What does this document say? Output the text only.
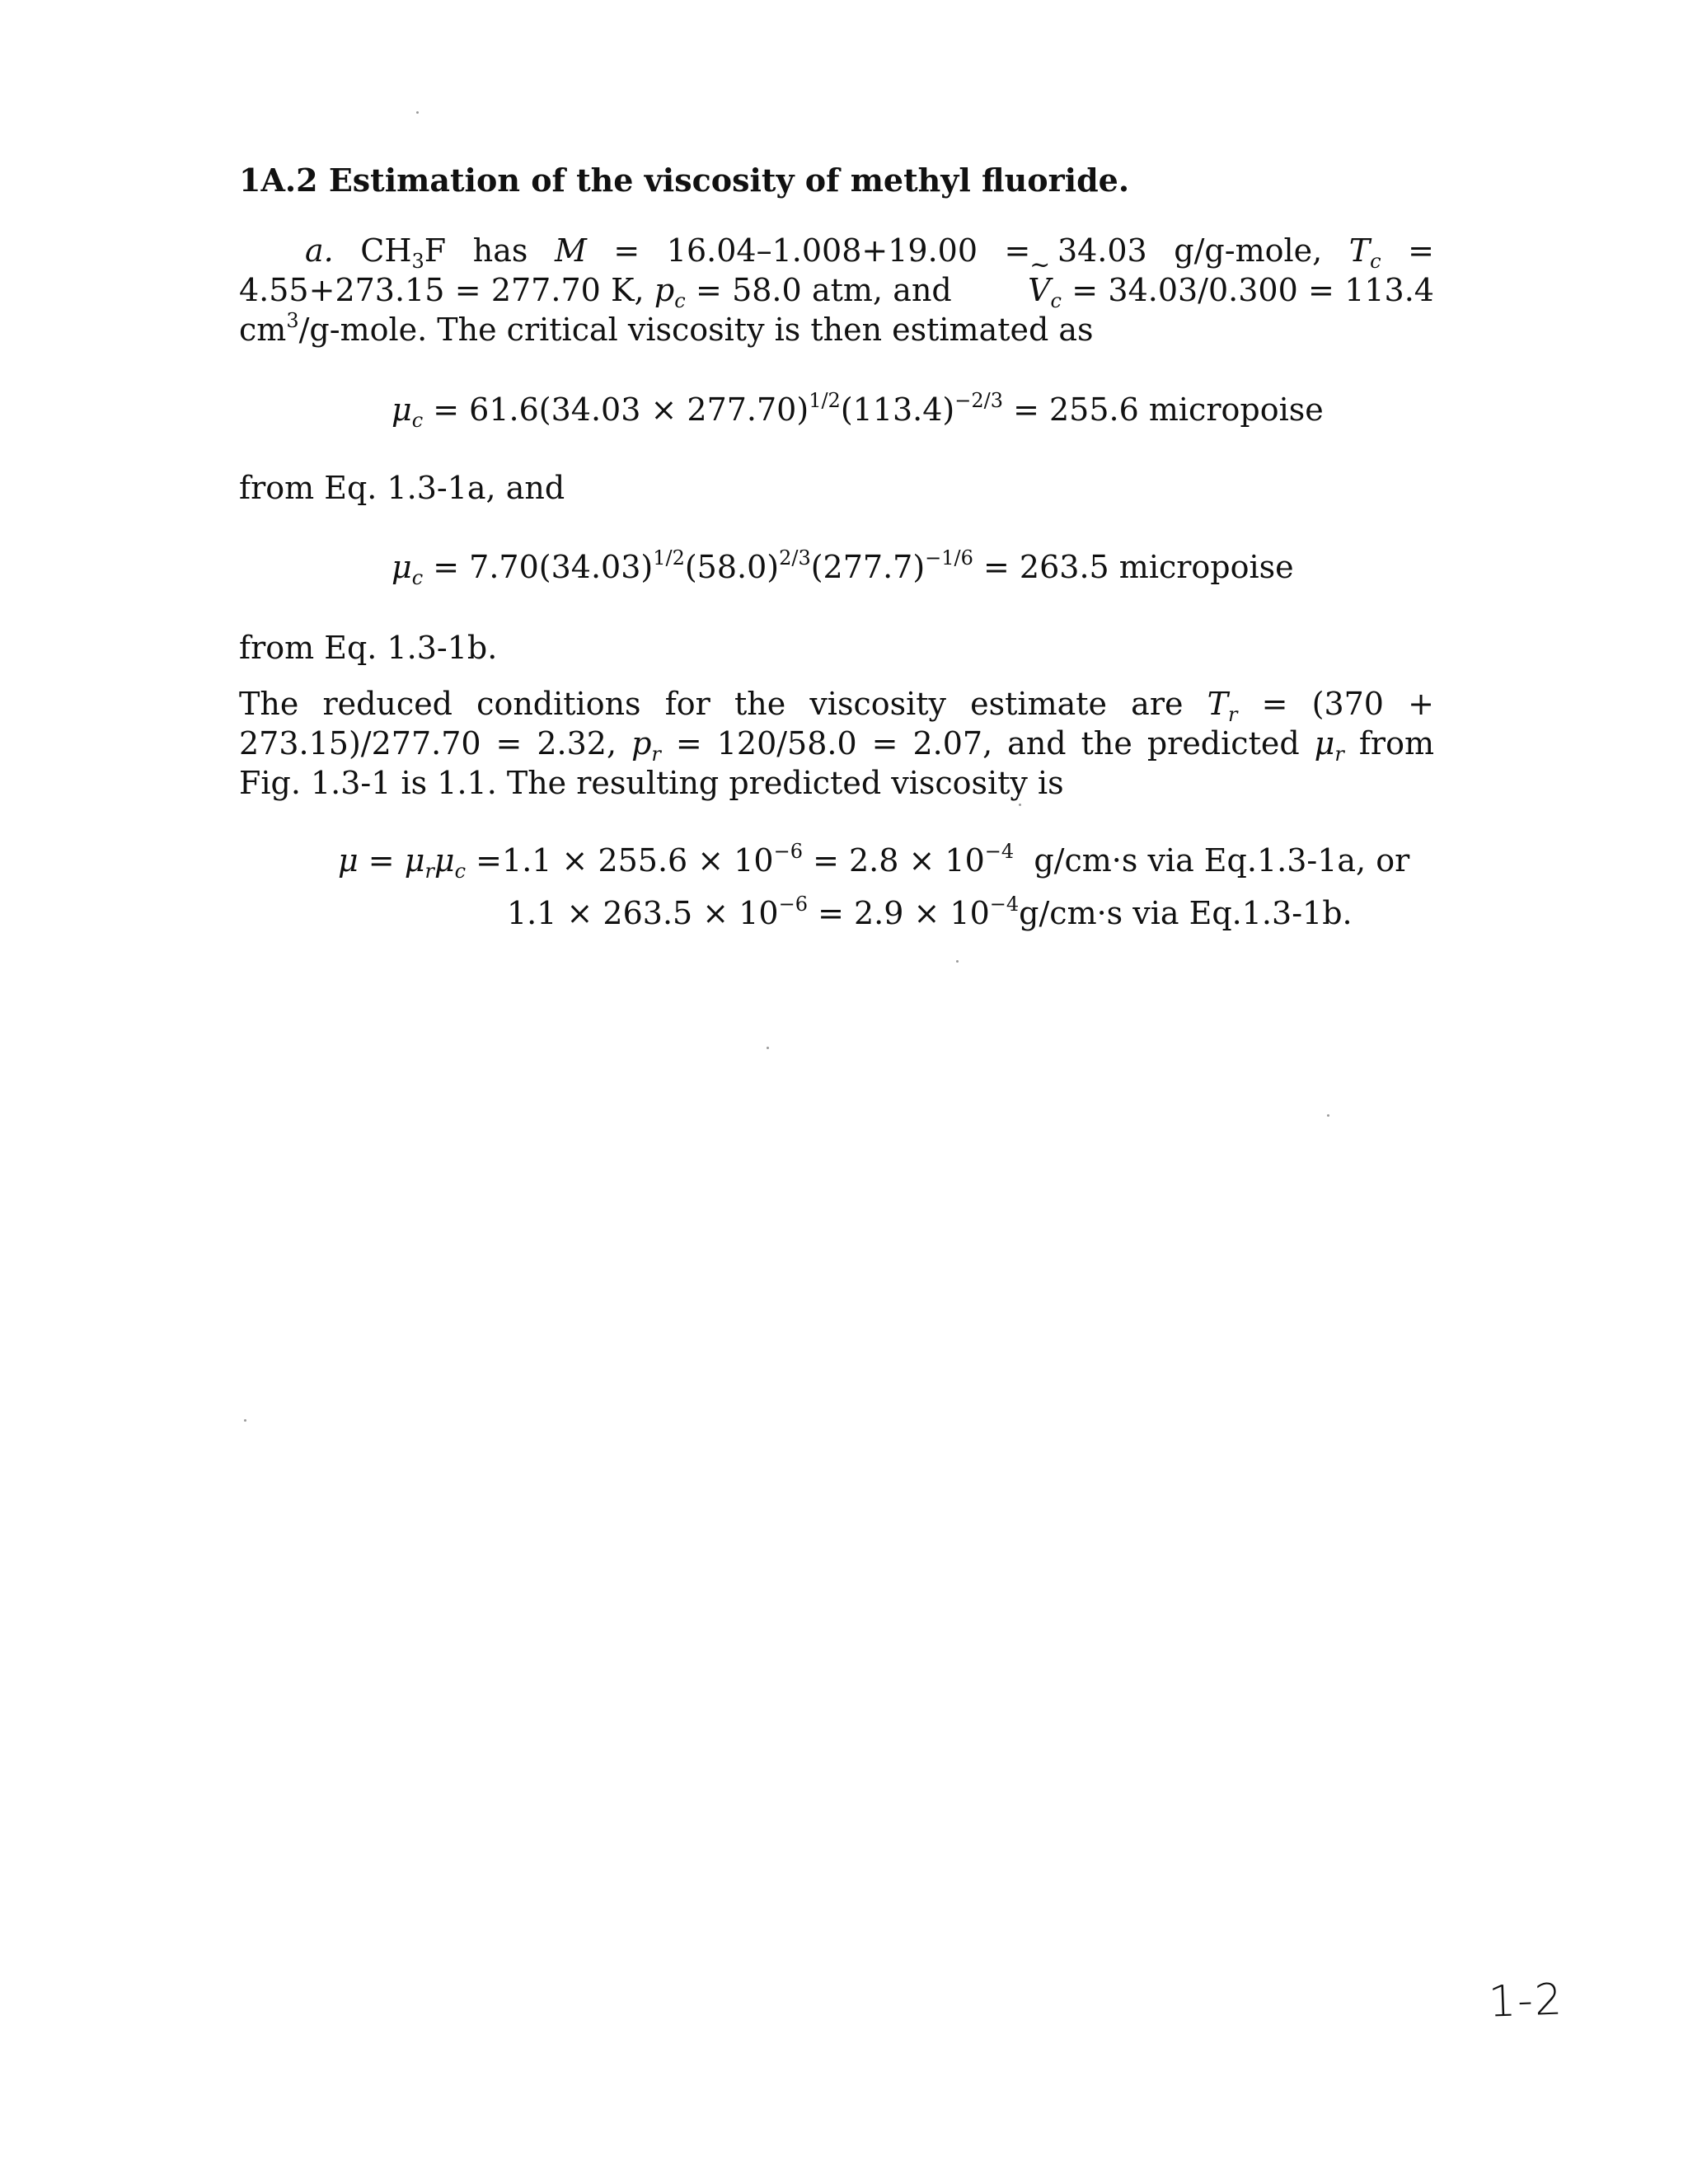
1A.2 Estimation of the viscosity of methyl fluoride.

a. $CH_3F$ has M = 16.04–1.008+19.00 = 34.03 g/g-mole, $T_c = 4.55+273.15 = 277.70$ K, $p_c = 58.0$ atm, and ~ $V_c = 34.03/0.300 = 113.4$ $cm^3/g$-mole. The critical viscosity is then estimated as

$\mu_c = 61.6(34.03 \times 277.70)^{1/2}(113.4)^{-2/3} = 255.6$ micropoise
from Eq. 1.3-1a, and
$\mu_c = 7.70(34.03)^{1/2}(58.0)^{2/3}(277.7)^{-1/6} = 263.5$ micropoise
from Eq. 1.3-1b.

The reduced conditions for the viscosity estimate are $T_r = (370 + 273.15)/277.70 = 2.32$, $p_r = 120/58.0 = 2.07$, and the predicted $\mu_r$ from Fig. 1.3-1 is 1.1. The resulting predicted viscosity is

$\mu = \mu_r\mu_c =1.1 \times 255.6 \times 10^{-6} = 2.8 \times 10^{-4}$ g/cm·s via Eq.1.3-1a, or
$1.1 \times 263.5 \times 10^{-6} = 2.9 \times 10^{-4}g/cm\cdot s$ via Eq.1.3-1b.
1-2
